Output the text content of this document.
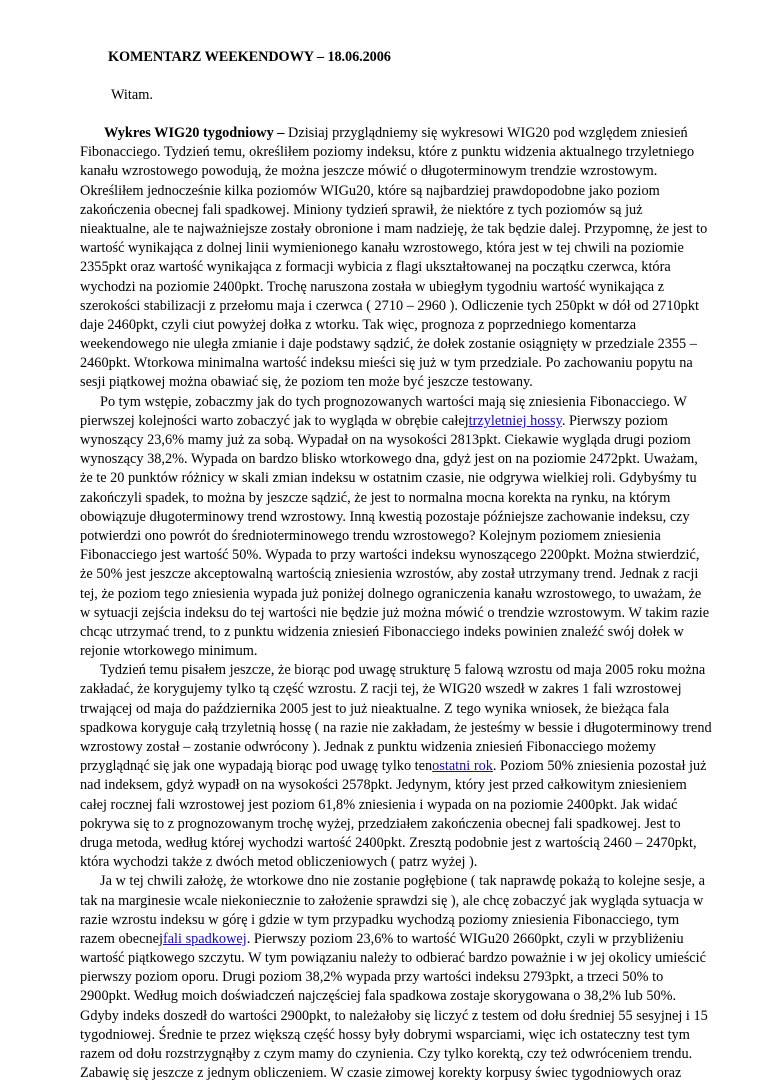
KOMENTARZ WEEKENDOWY – 18.06.2006
Witam.
Wykres WIG20 tygodniowy – Dzisiaj przyglądniemy się wykresowi WIG20 pod względem zniesień
Fibonacciego. Tydzień temu, określiłem poziomy indeksu, które z punktu widzenia aktualnego trzyletniego
kanału wzrostowego powodują, że można jeszcze mówić o długoterminowym trendzie wzrostowym.
Określiłem jednocześnie kilka poziomów WIGu20, które są najbardziej prawdopodobne jako poziom
zakończenia obecnej fali spadkowej. Miniony tydzień sprawił, że niektóre z tych poziomów są już
nieaktualne, ale te najważniejsze zostały obronione i mam nadzieję, że tak będzie dalej. Przypomnę, że jest to
wartość wynikająca z dolnej linii wymienionego kanału wzrostowego, która jest w tej chwili na poziomie
2355pkt oraz wartość wynikająca z formacji wybicia z flagi ukształtowanej na początku czerwca, która
wychodzi na poziomie 2400pkt. Trochę naruszona została w ubiegłym tygodniu wartość wynikająca z
szerokości stabilizacji z przełomu maja i czerwca ( 2710 – 2960 ). Odliczenie tych 250pkt w dół od 2710pkt
daje 2460pkt, czyli ciut powyżej dołka z wtorku. Tak więc, prognoza z poprzedniego komentarza
weekendowego nie uległa zmianie i daje podstawy sądzić, że dołek zostanie osiągnięty w przedziale 2355 –
2460pkt. Wtorkowa minimalna wartość indeksu mieści się już w tym przedziale. Po zachowaniu popytu na
sesji piątkowej można obawiać się, że poziom ten może być jeszcze testowany.
Po tym wstępie, zobaczmy jak do tych prognozowanych wartości mają się zniesienia Fibonacciego. W
pierwszej kolejności warto zobaczyć jak to wygląda w obrębie całejtrzyletniej hossy. Pierwszy poziom
wynoszący 23,6% mamy już za sobą. Wypadał on na wysokości 2813pkt. Ciekawie wygląda drugi poziom
wynoszący 38,2%. Wypada on bardzo blisko wtorkowego dna, gdyż jest on na poziomie 2472pkt. Uważam,
że te 20 punktów różnicy w skali zmian indeksu w ostatnim czasie, nie odgrywa wielkiej roli. Gdybyśmy tu
zakończyli spadek, to można by jeszcze sądzić, że jest to normalna mocna korekta na rynku, na którym
obowiązuje długoterminowy trend wzrostowy. Inną kwestią pozostaje późniejsze zachowanie indeksu, czy
potwierdzi ono powrót do średnioterminowego trendu wzrostowego? Kolejnym poziomem zniesienia
Fibonacciego jest wartość 50%. Wypada to przy wartości indeksu wynoszącego 2200pkt. Można stwierdzić,
że 50% jest jeszcze akceptowalną wartością zniesienia wzrostów, aby został utrzymany trend. Jednak z racji
tej, że poziom tego zniesienia wypada już poniżej dolnego ograniczenia kanału wzrostowego, to uważam, że
w sytuacji zejścia indeksu do tej wartości nie będzie już można mówić o trendzie wzrostowym. W takim razie
chcąc utrzymać trend, to z punktu widzenia zniesień Fibonacciego indeks powinien znaleźć swój dołek w
rejonie wtorkowego minimum.
Tydzień temu pisałem jeszcze, że biorąc pod uwagę strukturę 5 falową wzrostu od maja 2005 roku można
zakładać, że korygujemy tylko tą część wzrostu. Z racji tej, że WIG20 wszedł w zakres 1 fali wzrostowej
trwającej od maja do października 2005 jest to już nieaktualne. Z tego wynika wniosek, że bieżąca fala
spadkowa koryguje całą trzyletnią hossę ( na razie nie zakładam, że jesteśmy w bessie i długoterminowy trend
wzrostowy został – zostanie odwrócony ). Jednak z punktu widzenia zniesień Fibonacciego możemy
przyglądnąć się jak one wypadają biorąc pod uwagę tylko tenostatni rok. Poziom 50% zniesienia pozostał już
nad indeksem, gdyż wypadł on na wysokości 2578pkt. Jedynym, który jest przed całkowitym zniesieniem
całej rocznej fali wzrostowej jest poziom 61,8% zniesienia i wypada on na poziomie 2400pkt. Jak widać
pokrywa się to z prognozowanym trochę wyżej, przedziałem zakończenia obecnej fali spadkowej. Jest to
druga metoda, według której wychodzi wartość 2400pkt. Zresztą podobnie jest z wartością 2460 – 2470pkt,
która wychodzi także z dwóch metod obliczeniowych ( patrz wyżej ).
Ja w tej chwili założę, że wtorkowe dno nie zostanie pogłębione ( tak naprawdę pokażą to kolejne sesje, a
tak na marginesie wcale niekoniecznie to założenie sprawdzi się ), ale chcę zobaczyć jak wygląda sytuacja w
razie wzrostu indeksu w górę i gdzie w tym przypadku wychodzą poziomy zniesienia Fibonacciego, tym
razem obecnejfali spadkowej. Pierwszy poziom 23,6% to wartość WIGu20 2660pkt, czyli w przybliżeniu
wartość piątkowego szczytu. W tym powiązaniu należy to odbierać bardzo poważnie i w jej okolicy umieścić
pierwszy poziom oporu. Drugi poziom 38,2% wypada przy wartości indeksu 2793pkt, a trzeci 50% to
2900pkt. Według moich doświadczeń najczęściej fala spadkowa zostaje skorygowana o 38,2% lub 50%.
Gdyby indeks doszedł do wartości 2900pkt, to należałoby się liczyć z testem od dołu średniej 55 sesyjnej i 15
tygodniowej. Średnie te przez większą część hossy były dobrymi wsparciami, więc ich ostateczny test tym
razem od dołu rozstrzygnąłby z czym mamy do czynienia. Czy tylko korektą, czy też odwróceniem trendu.
Zabawię się jeszcze z jednym obliczeniem. W czasie zimowej korekty korpusy świec tygodniowych oraz
